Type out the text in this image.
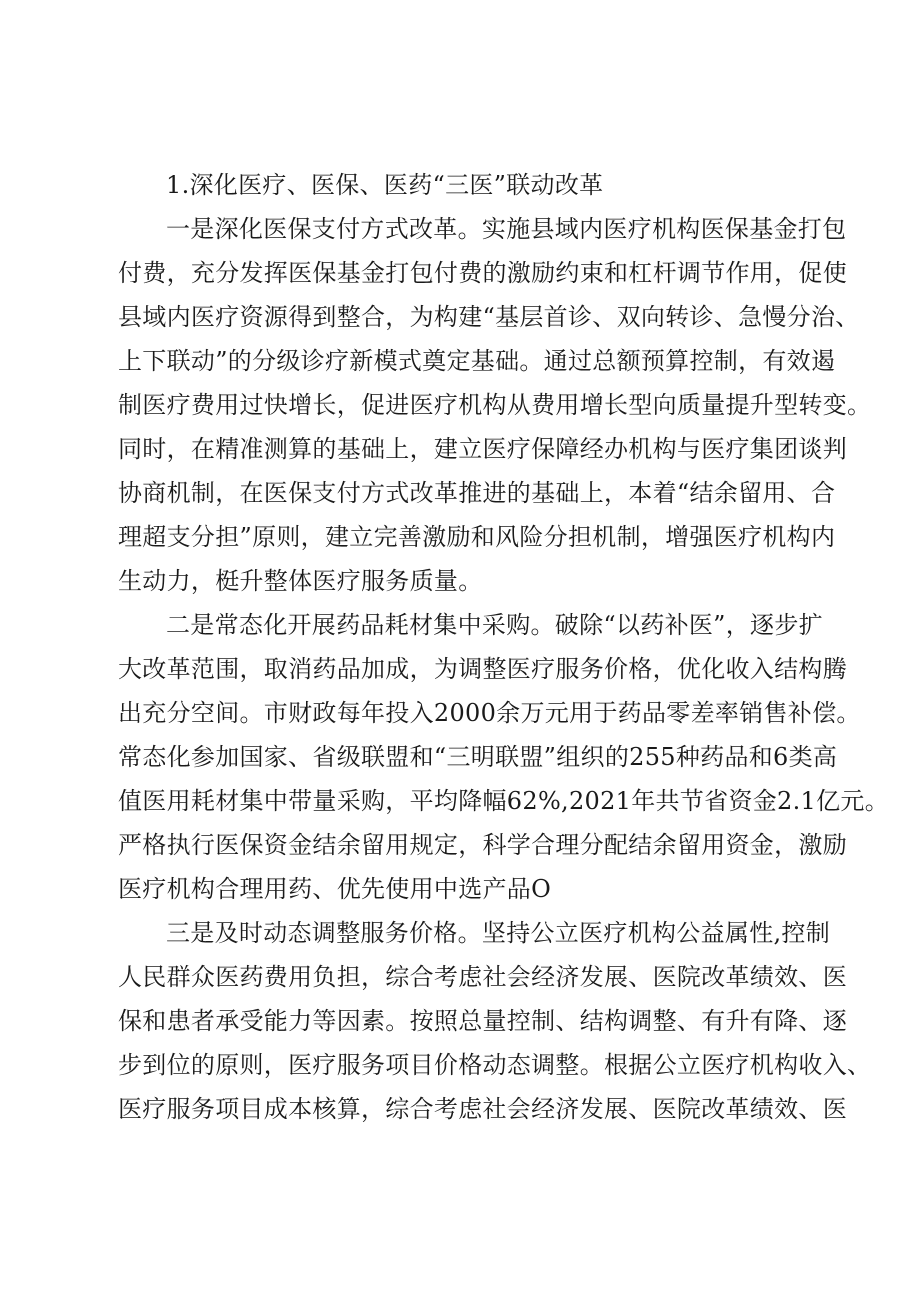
1.深化医疗、医保、医药“三医”联动改革
一是深化医保支付方式改革。实施县域内医疗机构医保基金打包
付费，充分发挥医保基金打包付费的激励约束和杠杆调节作用，促使
县域内医疗资源得到整合，为构建“基层首诊、双向转诊、急慢分治、
上下联动”的分级诊疗新模式奠定基础。通过总额预算控制，有效遏
制医疗费用过快增长，促进医疗机构从费用增长型向质量提升型转变。
同时，在精准测算的基础上，建立医疗保障经办机构与医疗集团谈判
协商机制，在医保支付方式改革推进的基础上，本着“结余留用、合
理超支分担”原则，建立完善激励和风险分担机制，增强医疗机构内
生动力，梃升整体医疗服务质量。
二是常态化开展药品耗材集中采购。破除“以药补医”，逐步扩
大改革范围，取消药品加成，为调整医疗服务价格，优化收入结构腾
出充分空间。市财政每年投入2000余万元用于药品零差率销售补偿。
常态化参加国家、省级联盟和“三明联盟”组织的255种药品和6类高
值医用耗材集中带量采购，平均降幅62%,2021年共节省资金2.1亿元。
严格执行医保资金结余留用规定，科学合理分配结余留用资金，激励
医疗机构合理用药、优先使用中选产品O
三是及时动态调整服务价格。坚持公立医疗机构公益属性,控制
人民群众医药费用负担，综合考虑社会经济发展、医院改革绩效、医
保和患者承受能力等因素。按照总量控制、结构调整、有升有降、逐
步到位的原则，医疗服务项目价格动态调整。根据公立医疗机构收入、
医疗服务项目成本核算，综合考虑社会经济发展、医院改革绩效、医
